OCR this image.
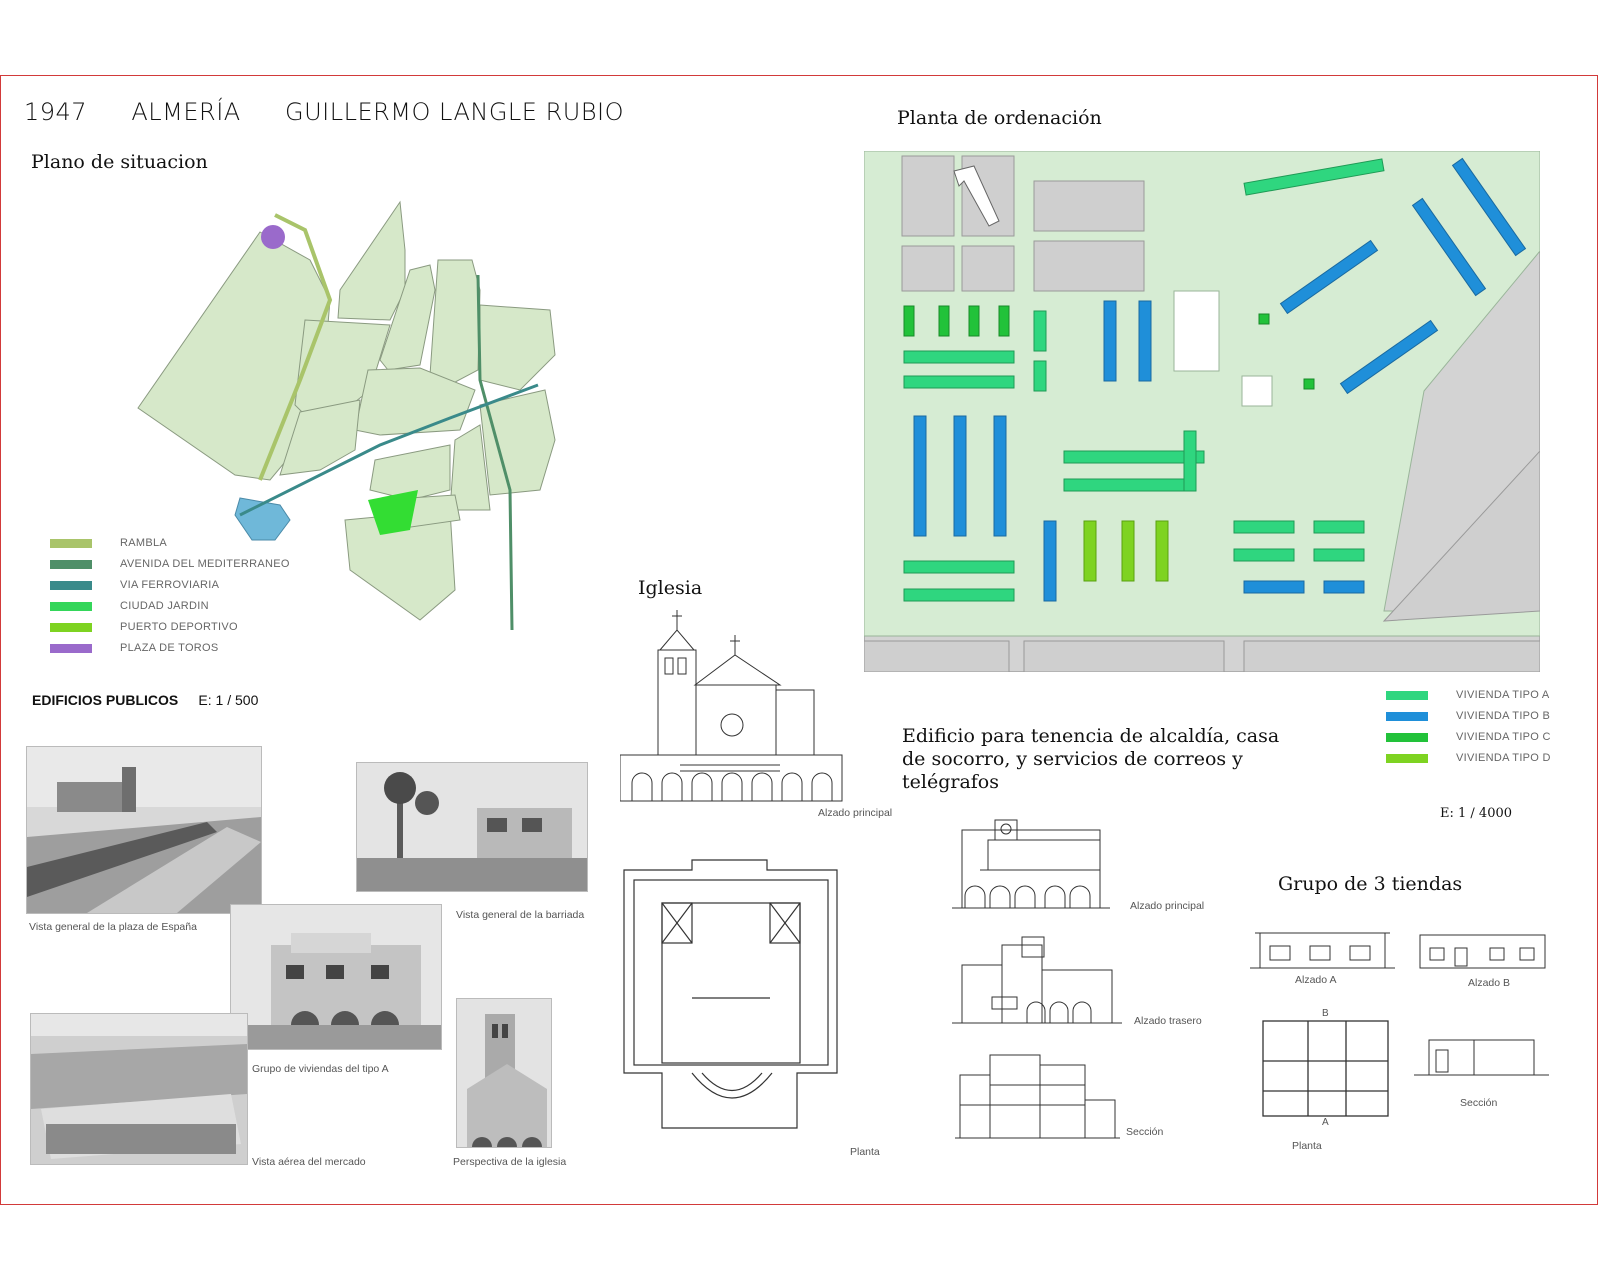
1947 ALMERÍA GUILLERMO LANGLE RUBIO
Plano de situacion
RAMBLA
AVENIDA DEL MEDITERRANEO
VIA FERROVIARIA
CIUDAD JARDIN
PUERTO DEPORTIVO
PLAZA DE TOROS
EDIFICIOS PUBLICOS E: 1 / 500
Vista general de la plaza de España
Vista general de la barriada
Grupo de viviendas del tipo A
Vista aérea del mercado	Perspectiva de la iglesia
Iglesia
Alzado principal
Planta
Planta de ordenación
VIVIENDA TIPO A
VIVIENDA TIPO B
VIVIENDA TIPO C
VIVIENDA TIPO D
E: 1 / 4000
Edificio para tenencia de alcaldía, casa de socorro, y servicios de correos y telégrafos
Alzado principal
Alzado trasero
Sección
Grupo de 3 tiendas
Alzado A	Alzado B
B
A
Planta
Sección
